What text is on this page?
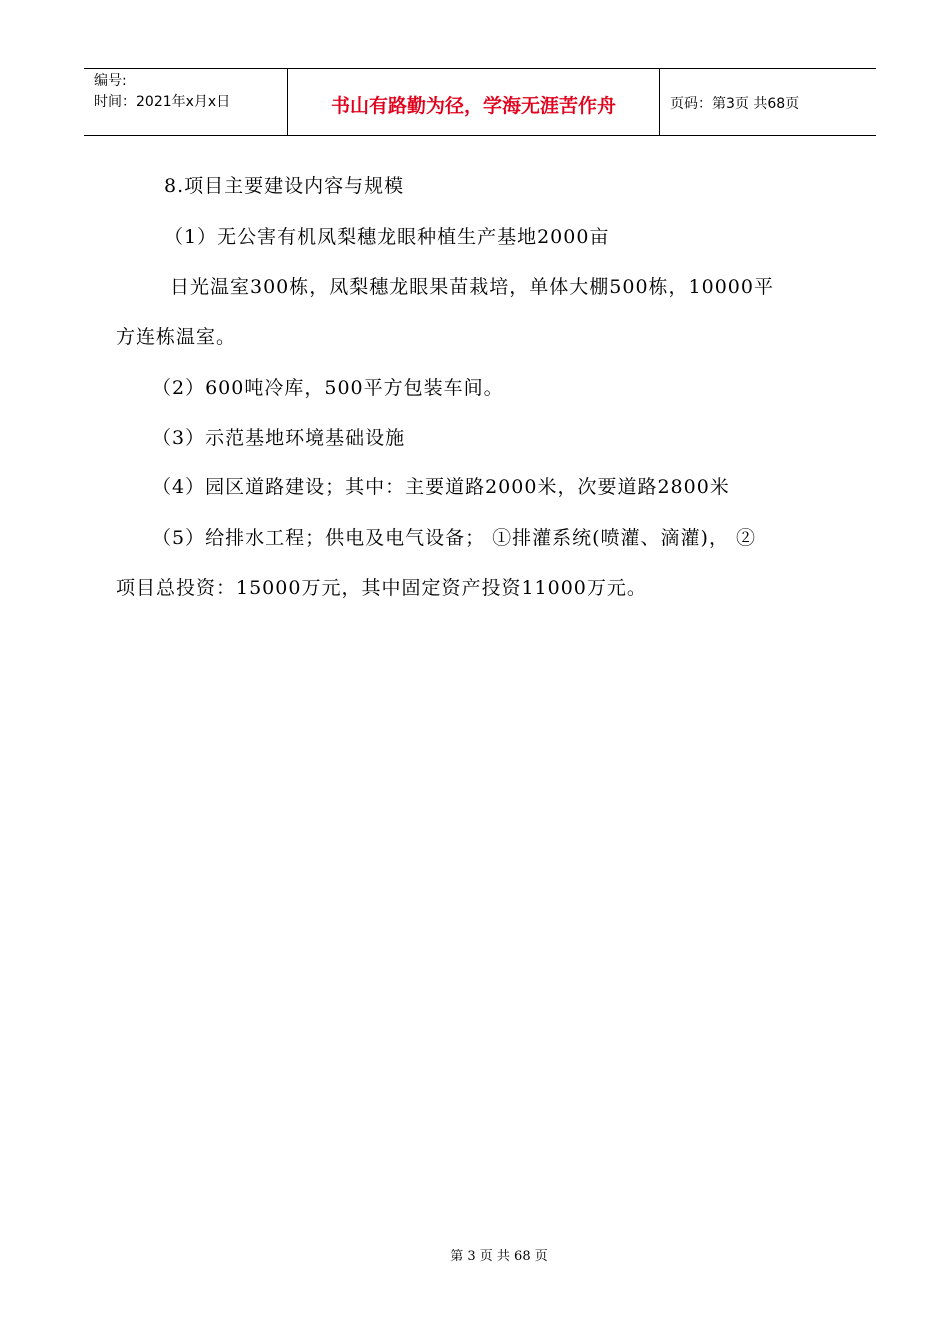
编号:
时间：2021年x月x日	书山有路勤为径，学海无涯苦作舟	页码：第3页 共68页
8.项目主要建设内容与规模
（1）无公害有机凤梨穗龙眼种植生产基地2000亩
日光温室300栋，凤梨穗龙眼果苗栽培，单体大棚500栋，10000平
方连栋温室。
（2）600吨冷库，500平方包装车间。
（3）示范基地环境基础设施
（4）园区道路建设；其中：主要道路2000米，次要道路2800米
（5）给排水工程；供电及电气设备； ①排灌系统(喷灌、滴灌)， ②
项目总投资：15000万元，其中固定资产投资11000万元。
第 3 页 共 68 页
